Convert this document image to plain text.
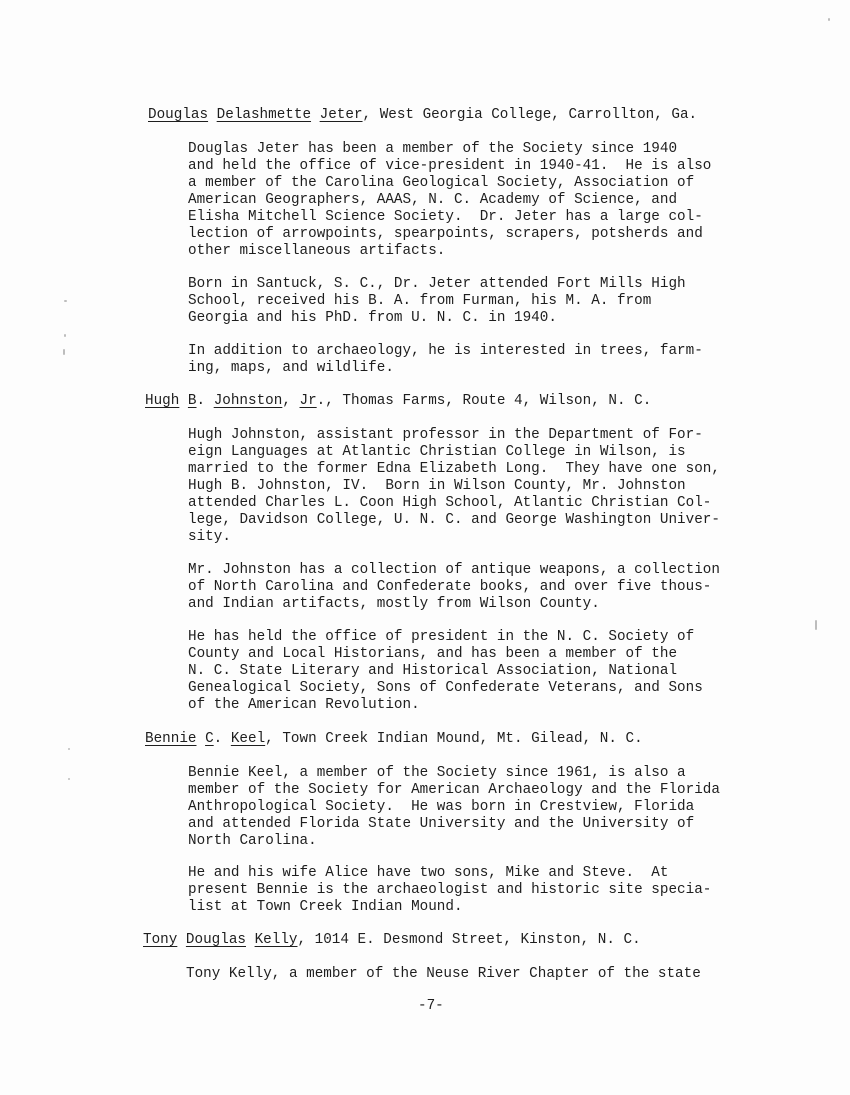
Douglas Delashmette Jeter, West Georgia College, Carrollton, Ga.
Douglas Jeter has been a member of the Society since 1940
and held the office of vice-president in 1940-41.  He is also
a member of the Carolina Geological Society, Association of
American Geographers, AAAS, N. C. Academy of Science, and
Elisha Mitchell Science Society.  Dr. Jeter has a large col-
lection of arrowpoints, spearpoints, scrapers, potsherds and
other miscellaneous artifacts.
Born in Santuck, S. C., Dr. Jeter attended Fort Mills High
School, received his B. A. from Furman, his M. A. from
Georgia and his PhD. from U. N. C. in 1940.
In addition to archaeology, he is interested in trees, farm-
ing, maps, and wildlife.
Hugh B. Johnston, Jr., Thomas Farms, Route 4, Wilson, N. C.
Hugh Johnston, assistant professor in the Department of For-
eign Languages at Atlantic Christian College in Wilson, is
married to the former Edna Elizabeth Long.  They have one son,
Hugh B. Johnston, IV.  Born in Wilson County, Mr. Johnston
attended Charles L. Coon High School, Atlantic Christian Col-
lege, Davidson College, U. N. C. and George Washington Univer-
sity.
Mr. Johnston has a collection of antique weapons, a collection
of North Carolina and Confederate books, and over five thous-
and Indian artifacts, mostly from Wilson County.
He has held the office of president in the N. C. Society of
County and Local Historians, and has been a member of the
N. C. State Literary and Historical Association, National
Genealogical Society, Sons of Confederate Veterans, and Sons
of the American Revolution.
Bennie C. Keel, Town Creek Indian Mound, Mt. Gilead, N. C.
Bennie Keel, a member of the Society since 1961, is also a
member of the Society for American Archaeology and the Florida
Anthropological Society.  He was born in Crestview, Florida
and attended Florida State University and the University of
North Carolina.
He and his wife Alice have two sons, Mike and Steve.  At
present Bennie is the archaeologist and historic site specia-
list at Town Creek Indian Mound.
Tony Douglas Kelly, 1014 E. Desmond Street, Kinston, N. C.
Tony Kelly, a member of the Neuse River Chapter of the state
-7-
